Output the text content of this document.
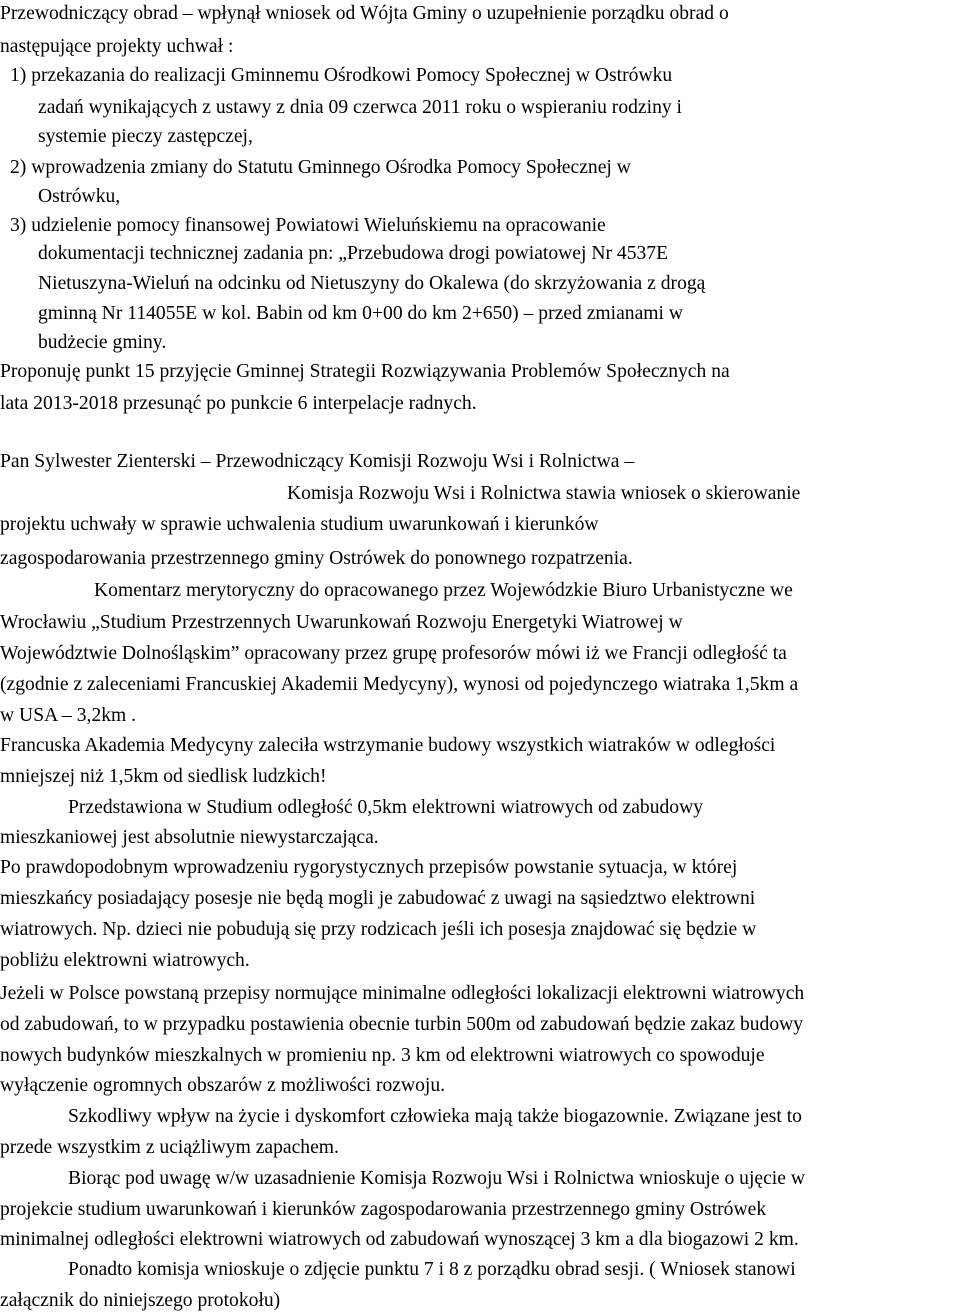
Przewodniczący obrad – wpłynął wniosek od Wójta Gminy o uzupełnienie porządku obrad o
następujące projekty uchwał :
1) przekazania do realizacji Gminnemu Ośrodkowi Pomocy Społecznej w Ostrówku
zadań wynikających z ustawy z dnia 09 czerwca 2011 roku o wspieraniu rodziny i
systemie pieczy zastępczej,
2) wprowadzenia zmiany do Statutu Gminnego Ośrodka Pomocy Społecznej w
Ostrówku,
3) udzielenie pomocy finansowej Powiatowi Wieluńskiemu na opracowanie
dokumentacji technicznej zadania pn: „Przebudowa drogi powiatowej Nr 4537E
Nietuszyna-Wieluń na odcinku od Nietuszyny do Okalewa (do skrzyżowania z drogą
gminną Nr 114055E w kol. Babin od km 0+00 do km 2+650) – przed zmianami w
budżecie gminy.
Proponuję punkt 15 przyjęcie Gminnej Strategii Rozwiązywania Problemów Społecznych na
lata 2013-2018 przesunąć po punkcie 6 interpelacje radnych.
Pan Sylwester Zienterski – Przewodniczący Komisji Rozwoju Wsi i Rolnictwa –
Komisja Rozwoju Wsi i Rolnictwa stawia wniosek o skierowanie
projektu uchwały w sprawie uchwalenia studium uwarunkowań i kierunków
zagospodarowania przestrzennego gminy Ostrówek do ponownego rozpatrzenia.
Komentarz merytoryczny do opracowanego przez Wojewódzkie Biuro Urbanistyczne we
Wrocławiu „Studium Przestrzennych Uwarunkowań Rozwoju Energetyki Wiatrowej w
Województwie Dolnośląskim” opracowany przez grupę profesorów mówi iż we Francji odległość ta
(zgodnie z zaleceniami Francuskiej Akademii Medycyny), wynosi od pojedynczego wiatraka 1,5km a
w USA – 3,2km .
Francuska Akademia Medycyny zaleciła wstrzymanie budowy wszystkich wiatraków w odległości
mniejszej niż 1,5km od siedlisk ludzkich!
Przedstawiona w Studium odległość 0,5km elektrowni wiatrowych od zabudowy
mieszkaniowej jest absolutnie niewystarczająca.
Po prawdopodobnym wprowadzeniu rygorystycznych przepisów powstanie sytuacja, w której
mieszkańcy posiadający posesje nie będą mogli je zabudować z uwagi na sąsiedztwo elektrowni
wiatrowych. Np. dzieci nie pobudują się przy rodzicach jeśli ich posesja znajdować się będzie w
pobliżu elektrowni wiatrowych.
Jeżeli w Polsce powstaną przepisy normujące minimalne odległości lokalizacji elektrowni wiatrowych
od zabudowań, to w przypadku postawienia obecnie turbin 500m od zabudowań będzie zakaz budowy
nowych budynków mieszkalnych w promieniu np. 3 km od elektrowni wiatrowych co spowoduje
wyłączenie ogromnych obszarów z możliwości rozwoju.
Szkodliwy wpływ na życie i dyskomfort człowieka mają także biogazownie. Związane jest to
przede wszystkim z uciążliwym zapachem.
Biorąc pod uwagę w/w uzasadnienie Komisja Rozwoju Wsi i Rolnictwa wnioskuje o ujęcie w
projekcie studium uwarunkowań i kierunków zagospodarowania przestrzennego gminy Ostrówek
minimalnej odległości elektrowni wiatrowych od zabudowań wynoszącej 3 km a dla biogazowi 2 km.
Ponadto komisja wnioskuje o zdjęcie punktu 7 i 8 z porządku obrad sesji. ( Wniosek stanowi
załącznik do niniejszego protokołu)
